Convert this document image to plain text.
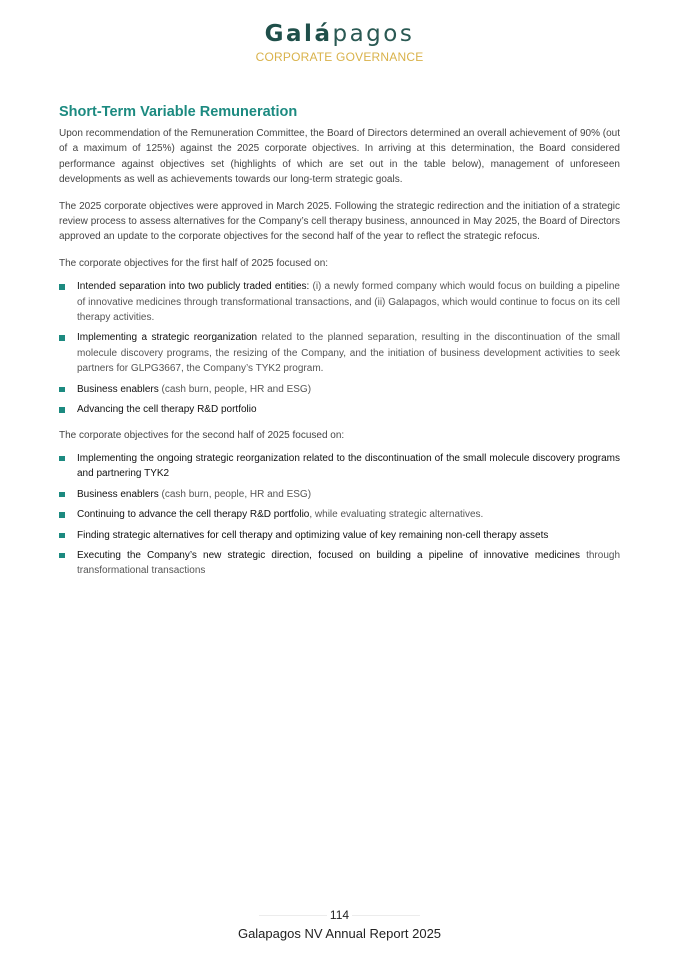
Galápagos
CORPORATE GOVERNANCE
Short-Term Variable Remuneration

Upon recommendation of the Remuneration Committee, the Board of Directors determined an overall achievement of 90% (out of a maximum of 125%) against the 2025 corporate objectives. In arriving at this determination, the Board considered performance against objectives set (highlights of which are set out in the table below), management of unforeseen developments as well as achievements towards our long-term strategic goals.

The 2025 corporate objectives were approved in March 2025. Following the strategic redirection and the initiation of a strategic review process to assess alternatives for the Company’s cell therapy business, announced in May 2025, the Board of Directors approved an update to the corporate objectives for the second half of the year to reflect the strategic refocus.

The corporate objectives for the first half of 2025 focused on:

Intended separation into two publicly traded entities: (i) a newly formed company which would focus on building a pipeline of innovative medicines through transformational transactions, and (ii) Galapagos, which would continue to focus on its cell therapy activities.
Implementing a strategic reorganization related to the planned separation, resulting in the discontinuation of the small molecule discovery programs, the resizing of the Company, and the initiation of business development activities to seek partners for GLPG3667, the Company’s TYK2 program.
Business enablers (cash burn, people, HR and ESG)
Advancing the cell therapy R&D portfolio

The corporate objectives for the second half of 2025 focused on:

Implementing the ongoing strategic reorganization related to the discontinuation of the small molecule discovery programs and partnering TYK2
Business enablers (cash burn, people, HR and ESG)
Continuing to advance the cell therapy R&D portfolio, while evaluating strategic alternatives.
Finding strategic alternatives for cell therapy and optimizing value of key remaining non-cell therapy assets
Executing the Company’s new strategic direction, focused on building a pipeline of innovative medicines through transformational transactions
114
Galapagos NV Annual Report 2025
